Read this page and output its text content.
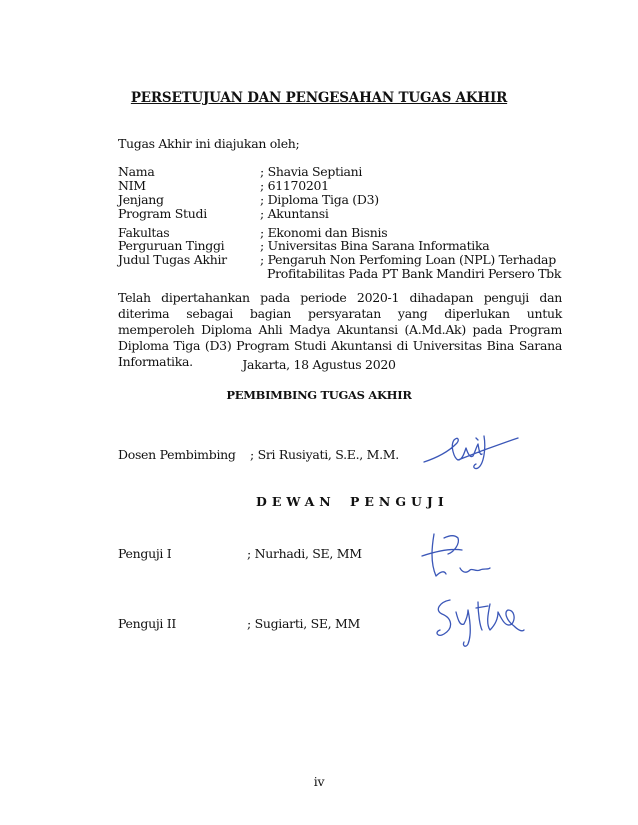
PERSETUJUAN DAN PENGESAHAN TUGAS AKHIR
Tugas Akhir ini diajukan oleh;
Nama	; Shavia Septiani
NIM	; 61170201
Jenjang	; Diploma Tiga (D3)
Program Studi	; Akuntansi
Fakultas	; Ekonomi dan Bisnis
Perguruan Tinggi	; Universitas Bina Sarana Informatika
Judul Tugas Akhir	; Pengaruh Non Perfoming Loan (NPL) Terhadap
Profitabilitas Pada PT Bank Mandiri Persero Tbk
Telah dipertahankan pada periode 2020-1 dihadapan penguji dan diterima sebagai bagian persyaratan yang diperlukan untuk memperoleh Diploma Ahli Madya Akuntansi (A.Md.Ak) pada Program Diploma Tiga (D3) Program Studi Akuntansi di Universitas Bina Sarana Informatika.	Jakarta, 18 Agustus 2020
PEMBIMBING TUGAS AKHIR
Dosen Pembimbing ; Sri Rusiyati, S.E., M.M.
DEWAN PENGUJI
Penguji I	; Nurhadi, SE, MM
Penguji II	; Sugiarti, SE, MM
iv
